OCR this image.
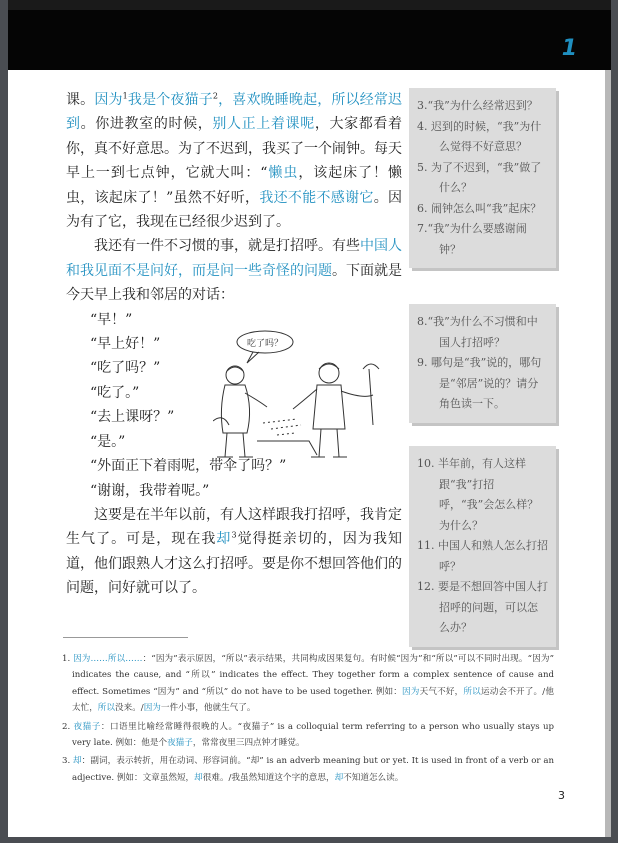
1

课。因为$^1$我是个夜猫子$^2$，喜欢晚睡晚起，所以经常迟到。你进教室的时候，别人正上着课呢，大家都看着你，真不好意思。为了不迟到，我买了一个闹钟。每天早上一到七点钟，它就大叫：“懒虫，该起床了！懒虫，该起床了！”虽然不好听，我还不能不感谢它。因为有了它，我现在已经很少迟到了。

　　我还有一件不习惯的事，就是打招呼。有些中国人和我见面不是问好，而是问一些奇怪的问题。下面就是今天早上我和邻居的对话：

“早！”

“早上好！”

“吃了吗？”

“吃了。”

“去上课呀？”

“是。”

“外面正下着雨呢，带伞了吗？”

“谢谢，我带着呢。”

　　这要是在半年以前，有人这样跟我打招呼，我肯定生气了。可是，现在我却$^3$觉得挺亲切的，因为我知道，他们跟熟人才这么打招呼。要是你不想回答他们的问题，问好就可以了。

吃了吗？

3.“我”为什么经常迟到？

4. 迟到的时候，“我”为什么觉得不好意思？

5. 为了不迟到，“我”做了什么？

6. 闹钟怎么叫“我”起床？

7.“我”为什么要感谢闹钟？

8.“我”为什么不习惯和中国人打招呼？

9. 哪句是“我”说的，哪句是“邻居”说的？请分角色读一下。

10. 半年前，有人这样跟“我”打招呼，“我”会怎么样？为什么？

11. 中国人和熟人怎么打招呼？

12. 要是不想回答中国人打招呼的问题，可以怎么办？

1. 因为……所以……：“因为”表示原因，“所以”表示结果，共同构成因果复句。有时候“因为”和“所以”可以不同时出现。“因为” indicates the cause, and “所以” indicates the effect. They together form a complex sentence of cause and effect. Sometimes “因为” and “所以” do not have to be used together. 例如：因为天气不好，所以运动会不开了。/他太忙，所以没来。/因为一件小事，他就生气了。

2. 夜猫子：口语里比喻经常睡得很晚的人。“夜猫子” is a colloquial term referring to a person who usually stays up very late. 例如：他是个夜猫子，常常夜里三四点钟才睡觉。

3. 却：副词，表示转折，用在动词、形容词前。“却” is an adverb meaning but or yet. It is used in front of a verb or an adjective. 例如：文章虽然短，却很难。/我虽然知道这个字的意思，却不知道怎么读。

3
